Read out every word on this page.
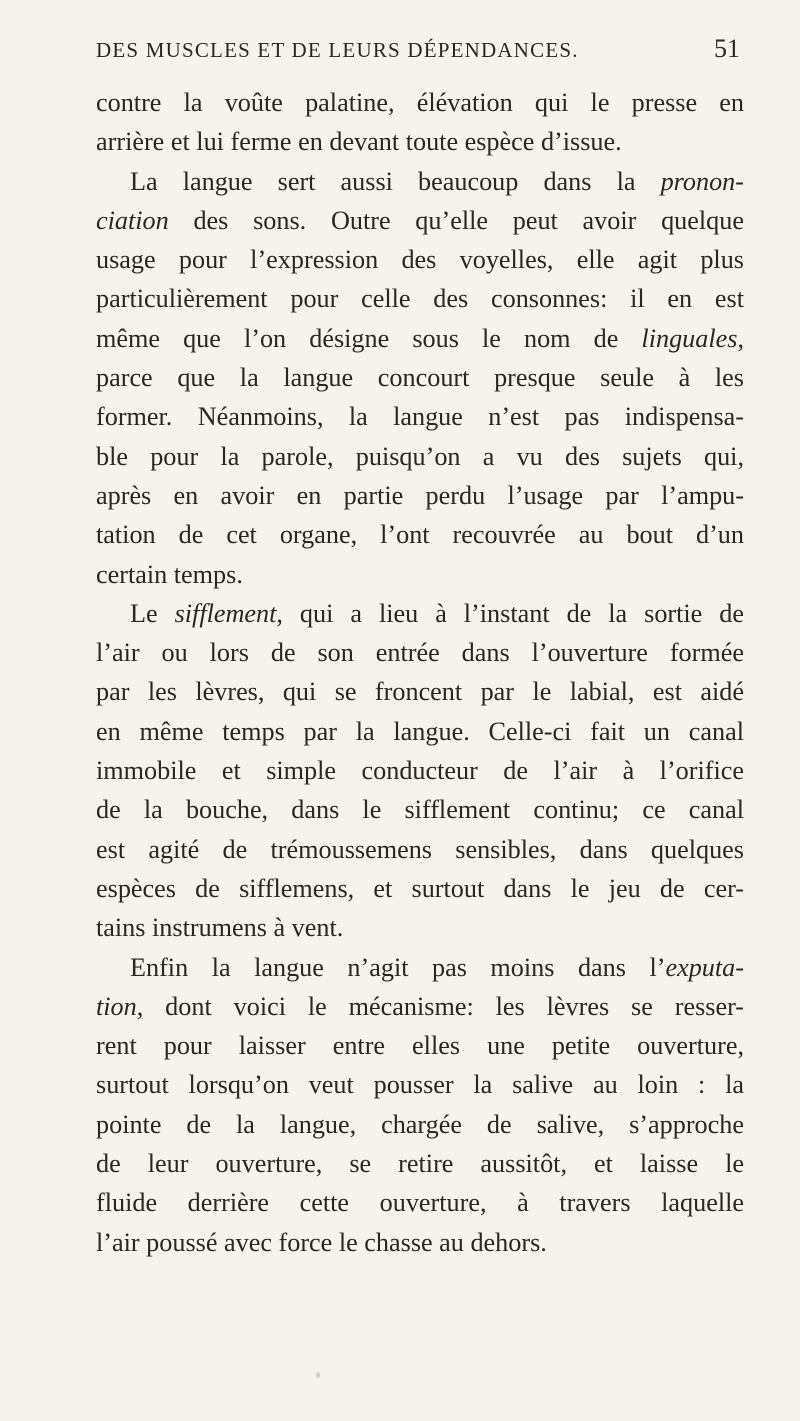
DES MUSCLES ET DE LEURS DÉPENDANCES.	51

contre la voûte palatine, élévation qui le presse en
arrière et lui ferme en devant toute espèce d’issue.

La langue sert aussi beaucoup dans la pronon-
ciation des sons. Outre qu’elle peut avoir quelque
usage pour l’expression des voyelles, elle agit plus
particulièrement pour celle des consonnes: il en est
même que l’on désigne sous le nom de linguales,
parce que la langue concourt presque seule à les
former. Néanmoins, la langue n’est pas indispensa-
ble pour la parole, puisqu’on a vu des sujets qui,
après en avoir en partie perdu l’usage par l’ampu-
tation de cet organe, l’ont recouvrée au bout d’un
certain temps.

Le sifflement, qui a lieu à l’instant de la sortie de
l’air ou lors de son entrée dans l’ouverture formée
par les lèvres, qui se froncent par le labial, est aidé
en même temps par la langue. Celle-ci fait un canal
immobile et simple conducteur de l’air à l’orifice
de la bouche, dans le sifflement continu; ce canal
est agité de trémoussemens sensibles, dans quelques
espèces de sifflemens, et surtout dans le jeu de cer-
tains instrumens à vent.

Enfin la langue n’agit pas moins dans l’exputa-
tion, dont voici le mécanisme: les lèvres se resser-
rent pour laisser entre elles une petite ouverture,
surtout lorsqu’on veut pousser la salive au loin : la
pointe de la langue, chargée de salive, s’approche
de leur ouverture, se retire aussitôt, et laisse le
fluide derrière cette ouverture, à travers laquelle
l’air poussé avec force le chasse au dehors.
